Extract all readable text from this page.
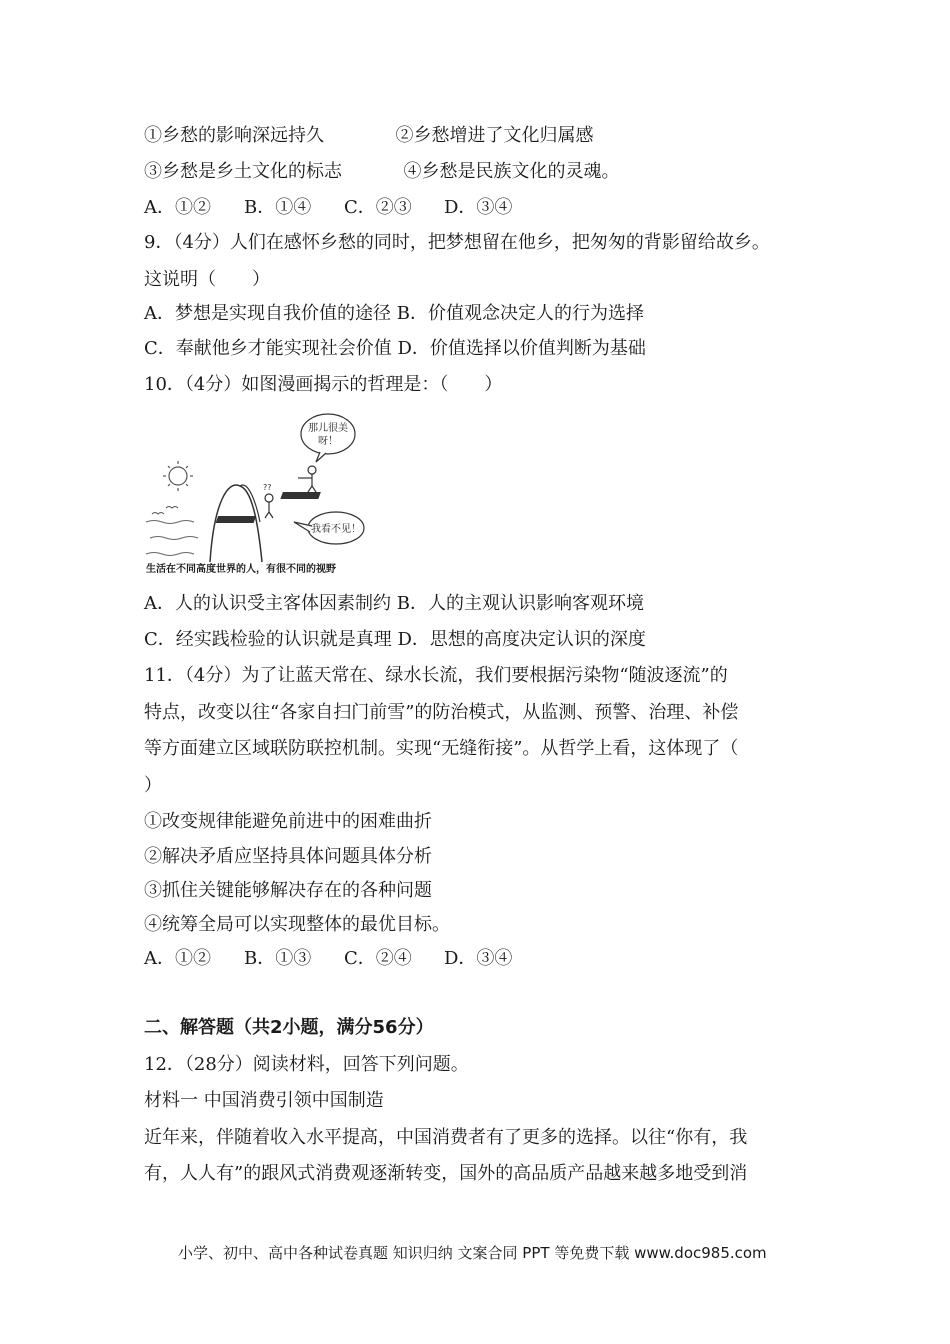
①乡愁的影响深远持久	②乡愁增进了文化归属感
③乡愁是乡土文化的标志	④乡愁是民族文化的灵魂。
A．①② B．①④ C．②③ D．③④
9．（4分）人们在感怀乡愁的同时，把梦想留在他乡，把匆匆的背影留给故乡。
这说明（　　）
A．梦想是实现自我价值的途径 B．价值观念决定人的行为选择
C．奉献他乡才能实现社会价值 D．价值选择以价值判断为基础
10．（4分）如图漫画揭示的哲理是：（　　）
??
那儿很美
呀！
我看不见！
生活在不同高度世界的人，有很不同的视野
A．人的认识受主客体因素制约 B．人的主观认识影响客观环境
C．经实践检验的认识就是真理 D．思想的高度决定认识的深度
11．（4分）为了让蓝天常在、绿水长流，我们要根据污染物“随波逐流”的
特点，改变以往“各家自扫门前雪”的防治模式，从监测、预警、治理、补偿
等方面建立区域联防联控机制。实现“无缝衔接”。从哲学上看，这体现了（
）
①改变规律能避免前进中的困难曲折
②解决矛盾应坚持具体问题具体分析
③抓住关键能够解决存在的各种问题
④统筹全局可以实现整体的最优目标。
A．①② B．①③ C．②④ D．③④
二、解答题（共2小题，满分56分）
12．（28分）阅读材料，回答下列问题。
材料一 中国消费引领中国制造
近年来，伴随着收入水平提高，中国消费者有了更多的选择。以往“你有，我
有，人人有”的跟风式消费观逐渐转变，国外的高品质产品越来越多地受到消
小学、初中、高中各种试卷真题 知识归纳 文案合同 PPT 等免费下载 www.doc985.com
